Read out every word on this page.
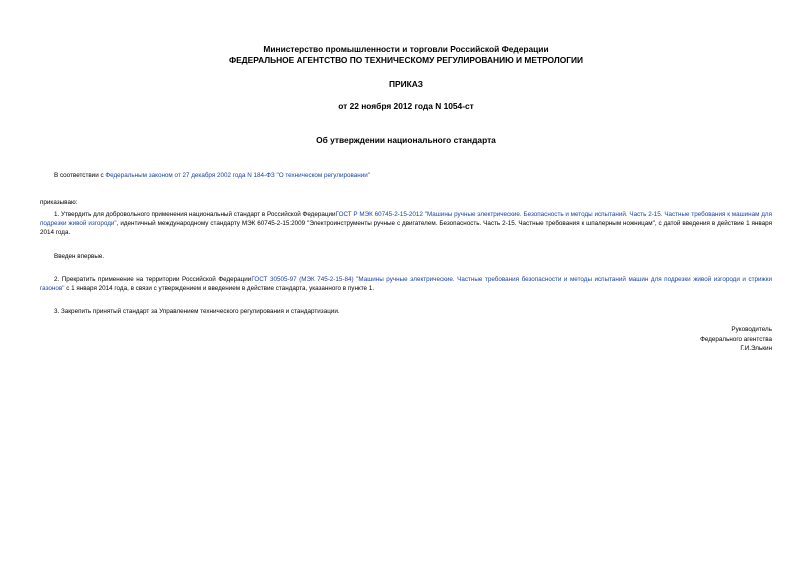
Министерство промышленности и торговли Российской Федерации
ФЕДЕРАЛЬНОЕ АГЕНТСТВО ПО ТЕХНИЧЕСКОМУ РЕГУЛИРОВАНИЮ И МЕТРОЛОГИИ
ПРИКАЗ
от 22 ноября 2012 года N 1054-ст
Об утверждении национального стандарта

В соответствии с Федеральным законом от 27 декабря 2002 года N 184-ФЗ "О техническом регулировании"

приказываю:

1. Утвердить для добровольного применения национальный стандарт в Российской ФедерацииГОСТ Р МЭК 60745-2-15-2012 "Машины ручные электрические. Безопасность и методы испытаний. Часть 2-15. Частные требования к машинам для подрезки живой изгороди", идентичный международному стандарту МЭК 60745-2-15:2009 "Электроинструменты ручные с двигателем. Безопасность. Часть 2-15. Частные требования к шпалерным ножницам", с датой введения в действие 1 января 2014 года.

Введен впервые.

2. Прекратить применение на территории Российской ФедерацииГОСТ 30505-97 (МЭК 745-2-15-84) "Машины ручные электрические. Частные требования безопасности и методы испытаний машин для подрезки живой изгороди и стрижки газонов" с 1 января 2014 года, в связи с утверждением и введением в действие стандарта, указанного в пункте 1.

3. Закрепить принятый стандарт за Управлением технического регулирования и стандартизации.

Руководитель
Федерального агентства
Г.И.Элькин
